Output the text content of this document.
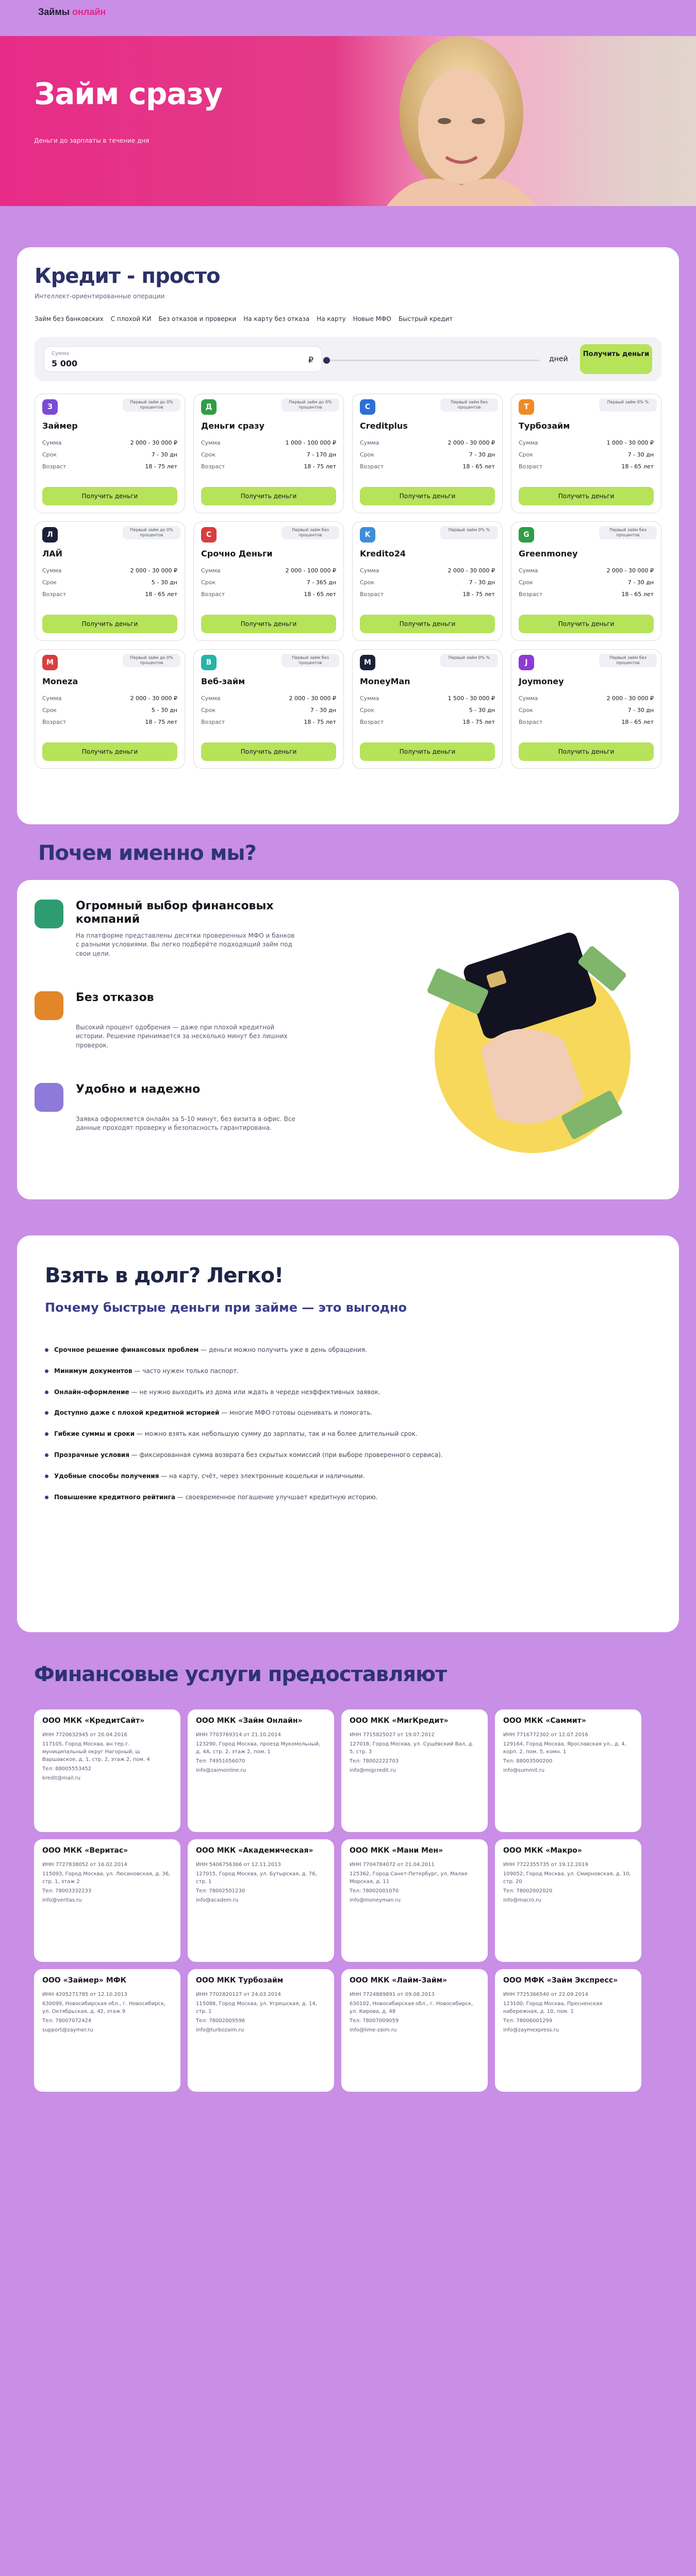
Займы онлайн
Займ сразу

Деньги до зарплаты в течение дня

Кредит - просто
Интеллект-ориентированные операции
Займ без банковских С плохой КИ Без отказов и проверки На карту без отказа На карту Новые МФО Быстрый кредит
Сумма
5 000	₽	дней
Получить деньги
З
Первый займ до 0% процентов
Займер
Сумма	2 000 - 30 000 ₽
Срок	7 - 30 дн
Возраст	18 - 75 лет
Получить деньги
Д
Первый займ до 0% процентов
Деньги сразу
Сумма	1 000 - 100 000 ₽
Срок	7 - 170 дн
Возраст	18 - 75 лет
Получить деньги
C
Первый займ без процентов
Creditplus
Сумма	2 000 - 30 000 ₽
Срок	7 - 30 дн
Возраст	18 - 65 лет
Получить деньги
Т
Первый займ 0% %
Турбозайм
Сумма	1 000 - 30 000 ₽
Срок	7 - 30 дн
Возраст	18 - 65 лет
Получить деньги
Л
Первый займ до 0% процентов
ЛАЙ
Сумма	2 000 - 30 000 ₽
Срок	5 - 30 дн
Возраст	18 - 65 лет
Получить деньги
С
Первый займ без процентов
Срочно Деньги
Сумма	2 000 - 100 000 ₽
Срок	7 - 365 дн
Возраст	18 - 65 лет
Получить деньги
K
Первый займ 0% %
Kredito24
Сумма	2 000 - 30 000 ₽
Срок	7 - 30 дн
Возраст	18 - 75 лет
Получить деньги
G
Первый займ без процентов
Greenmoney
Сумма	2 000 - 30 000 ₽
Срок	7 - 30 дн
Возраст	18 - 65 лет
Получить деньги
M
Первый займ до 0% процентов
Moneza
Сумма	2 000 - 30 000 ₽
Срок	5 - 30 дн
Возраст	18 - 75 лет
Получить деньги
В
Первый займ без процентов
Веб-займ
Сумма	2 000 - 30 000 ₽
Срок	7 - 30 дн
Возраст	18 - 75 лет
Получить деньги
M
Первый займ 0% %
MoneyMan
Сумма	1 500 - 30 000 ₽
Срок	5 - 30 дн
Возраст	18 - 75 лет
Получить деньги
J
Первый займ без процентов
Joymoney
Сумма	2 000 - 30 000 ₽
Срок	7 - 30 дн
Возраст	18 - 65 лет
Получить деньги
Почем именно мы?
Огромный выбор финансовых компаний

На платформе представлены десятки проверенных МФО и банков с разными условиями. Вы легко подберёте подходящий займ под свои цели.

Без отказов

Высокий процент одобрения — даже при плохой кредитной истории. Решение принимается за несколько минут без лишних проверок.

Удобно и надежно

Заявка оформляется онлайн за 5-10 минут, без визита в офис. Все данные проходят проверку и безопасность гарантирована.

Взять в долг? Легко!
Почему быстрые деньги при займе — это выгодно
Срочное решение финансовых проблем — деньги можно получить уже в день обращения.
Минимум документов — часто нужен только паспорт.
Онлайн-оформление — не нужно выходить из дома или ждать в череде неэффективных заявок.
Доступно даже с плохой кредитной историей — многие МФО готовы оценивать и помогать.
Гибкие суммы и сроки — можно взять как небольшую сумму до зарплаты, так и на более длительный срок.
Прозрачные условия — фиксированная сумма возврата без скрытых комиссий (при выборе проверенного сервиса).
Удобные способы получения — на карту, счёт, через электронные кошельки и наличными.
Повышение кредитного рейтинга — своевременное погашение улучшает кредитную историю.
Финансовые услуги предоставляют
ООО МКК «КредитСайт»
ИНН 7720632945 от 20.04.2016
117105, Город Москва, вн.тер.г. муниципальный округ Нагорный, ш Варшавское, д. 1, стр. 2, этаж 2, пом. 4
Тел: 88005553452
kredit@mail.ru
ООО МКК «Займ Онлайн»
ИНН 7703769314 от 21.10.2014
123290, Город Москва, проезд Мукомольный, д. 4А, стр. 2, этаж 2, пом. 1
Тел: 74951056070
info@zaimonline.ru
ООО МКК «МигКредит»
ИНН 7715825027 от 19.07.2012
127018, Город Москва, ул. Сущёвский Вал, д. 5, стр. 3
Тел: 78002222703
info@migcredit.ru
ООО МКК «Саммит»
ИНН 7716772302 от 12.07.2016
129164, Город Москва, Ярославская ул., д. 4, корп. 2, пом. 5, комн. 1
Тел: 88003500200
info@summit.ru
ООО МКК «Веритас»
ИНН 7727838052 от 16.02.2014
115093, Город Москва, ул. Люсиновская, д. 36, стр. 1, этаж 2
Тел: 78003332233
info@veritas.ru
ООО МКК «Академическая»
ИНН 5406756366 от 12.11.2013
127015, Город Москва, ул. Бутырская, д. 76, стр. 1
Тел: 78002501230
info@academ.ru
ООО МКК «Мани Мен»
ИНН 7704784072 от 21.04.2011
125362, Город Санкт-Петербург, ул. Малая Морская, д. 11
Тел: 78002001070
info@moneyman.ru
ООО МКК «Макро»
ИНН 7722355735 от 19.12.2019
109052, Город Москва, ул. Смирновская, д. 10, стр. 20
Тел: 78002002020
info@macro.ru
ООО «Займер» МФК
ИНН 4205271785 от 12.10.2013
630099, Новосибирская обл., г. Новосибирск, ул. Октябрьская, д. 42, этаж 9
Тел: 78007072424
support@zaymer.ru
ООО МКК Турбозайм
ИНН 7702820127 от 24.03.2014
115088, Город Москва, ул. Угрешская, д. 14, стр. 1
Тел: 78002009596
info@turbozaim.ru
ООО МКК «Лайм-Займ»
ИНН 7724889891 от 09.08.2013
630102, Новосибирская обл., г. Новосибирск, ул. Кирова, д. 48
Тел: 78007009059
info@lime-zaim.ru
ООО МФК «Займ Экспресс»
ИНН 7725366540 от 22.09.2014
123100, Город Москва, Пресненская набережная, д. 10, пом. 1
Тел: 78006001299
info@zaymexpress.ru
